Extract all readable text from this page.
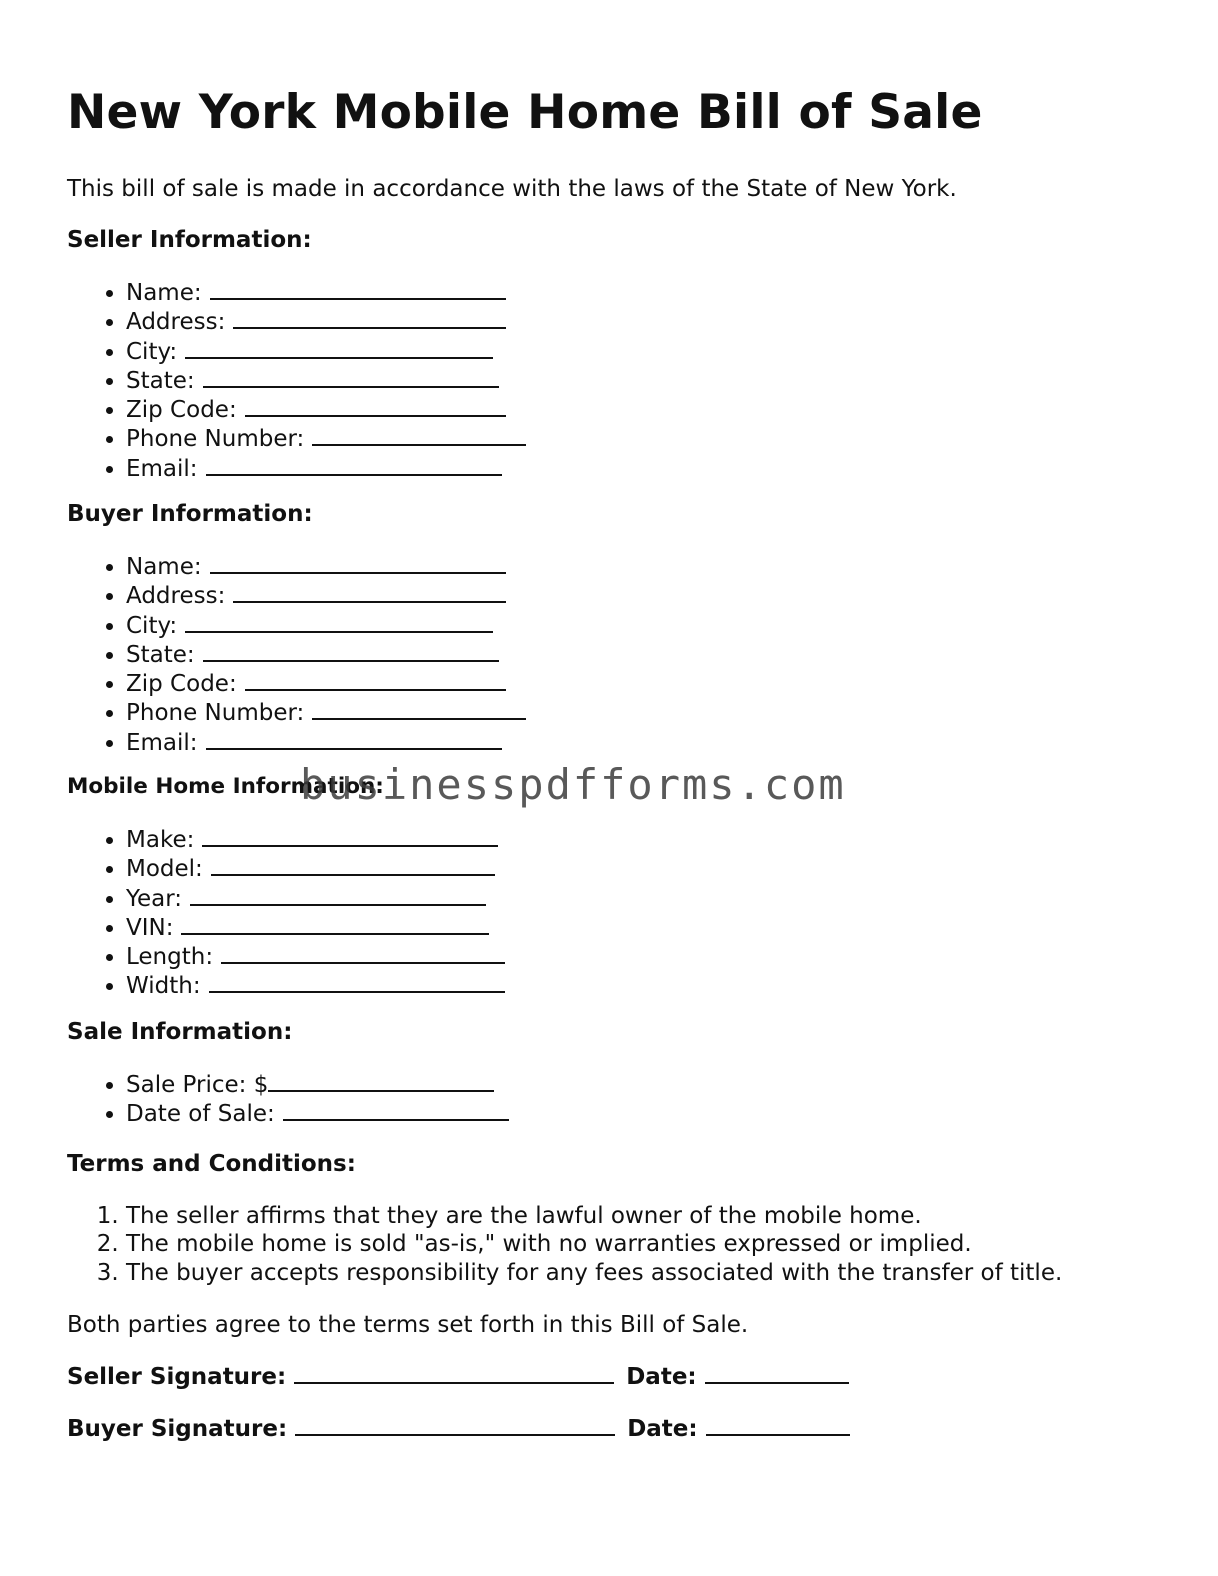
New York Mobile Home Bill of Sale

This bill of sale is made in accordance with the laws of the State of New York.

Seller Information:

• Name:
• Address:
• City:
• State:
• Zip Code:
• Phone Number:
• Email:

Buyer Information:

• Name:
• Address:
• City:
• State:
• Zip Code:
• Phone Number:
• Email:

Mobile Home Information:

• Make:
• Model:
• Year:
• VIN:
• Length:
• Width:

Sale Information:

• Sale Price: $
• Date of Sale:

Terms and Conditions:

1. The seller affirms that they are the lawful owner of the mobile home.
2. The mobile home is sold "as-is," with no warranties expressed or implied.
3. The buyer accepts responsibility for any fees associated with the transfer of title.

Both parties agree to the terms set forth in this Bill of Sale.

Seller Signature:	Date:

Buyer Signature:	Date:

businesspdfforms.com
